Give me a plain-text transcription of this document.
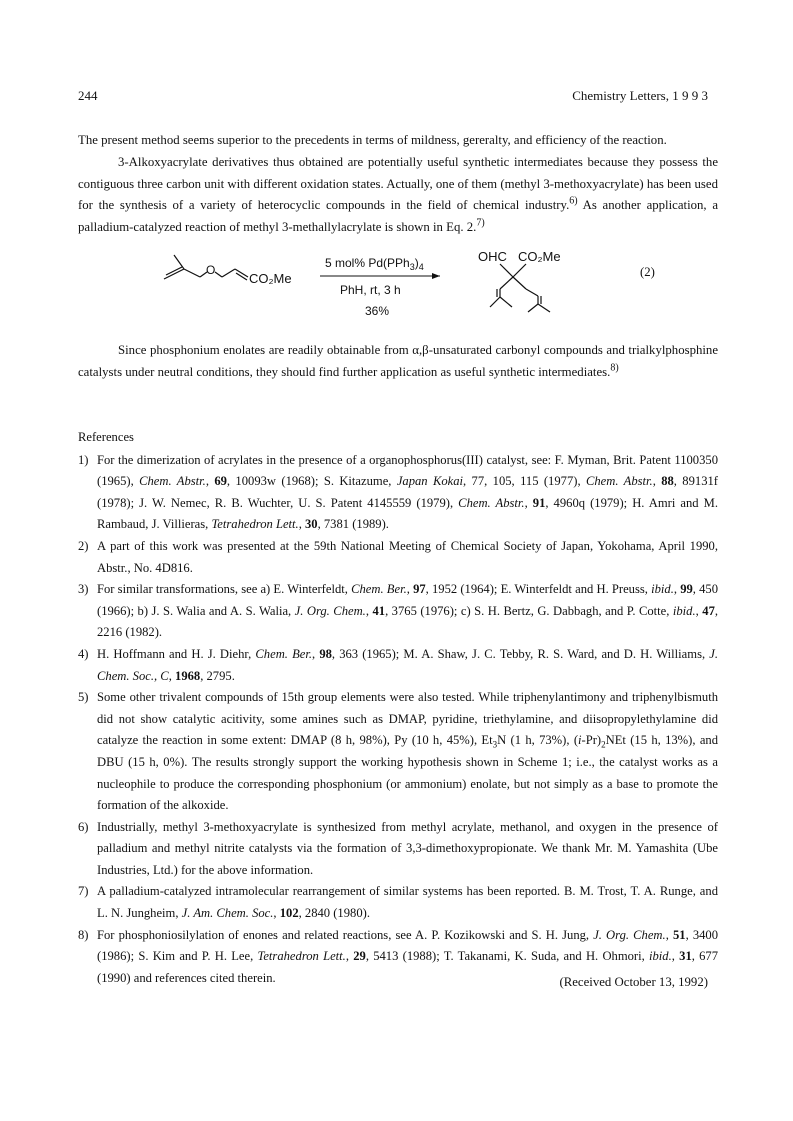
244	Chemistry Letters, 1 9 9 3

The present method seems superior to the precedents in terms of mildness, gereralty, and efficiency of the reaction.

3-Alkoxyacrylate derivatives thus obtained are potentially useful synthetic intermediates because they possess the contiguous three carbon unit with different oxidation states. Actually, one of them (methyl 3-methoxyacrylate) has been used for the synthesis of a variety of heterocyclic compounds in the field of chemical industry.$^{6)}$ As another application, a palladium-catalyzed reaction of methyl 3-methallylacrylate is shown in Eq. 2.$^{7)}$

O
CO₂Me
5 mol% $Pd(PPh_3)_4$
PhH, rt, 3 h
36%
OHC CO₂Me
(2)

Since phosphonium enolates are readily obtainable from α,β-unsaturated carbonyl compounds and trialkylphosphine catalysts under neutral conditions, they should find further application as useful synthetic intermediates.$^{8)}$

References

1) For the dimerization of acrylates in the presence of a organophosphorus(III) catalyst, see: F. Myman, Brit. Patent 1100350 (1965), Chem. Abstr., 69, 10093w (1968); S. Kitazume, Japan Kokai, 77, 105, 115 (1977), Chem. Abstr., 88, 89131f (1978); J. W. Nemec, R. B. Wuchter, U. S. Patent 4145559 (1979), Chem. Abstr., 91, 4960q (1979); H. Amri and M. Rambaud, J. Villieras, Tetrahedron Lett., 30, 7381 (1989).

2) A part of this work was presented at the 59th National Meeting of Chemical Society of Japan, Yokohama, April 1990, Abstr., No. 4D816.

3) For similar transformations, see a) E. Winterfeldt, Chem. Ber., 97, 1952 (1964); E. Winterfeldt and H. Preuss, ibid., 99, 450 (1966); b) J. S. Walia and A. S. Walia, J. Org. Chem., 41, 3765 (1976); c) S. H. Bertz, G. Dabbagh, and P. Cotte, ibid., 47, 2216 (1982).

4) H. Hoffmann and H. J. Diehr, Chem. Ber., 98, 363 (1965); M. A. Shaw, J. C. Tebby, R. S. Ward, and D. H. Williams, J. Chem. Soc., C, 1968, 2795.

5) Some other trivalent compounds of 15th group elements were also tested. While triphenylantimony and triphenylbismuth did not show catalytic acitivity, some amines such as DMAP, pyridine, triethylamine, and diisopropylethylamine did catalyze the reaction in some extent: DMAP (8 h, 98%), Py (10 h, 45%), $Et_3N$ (1 h, 73%), $(i-Pr)_2NEt$ (15 h, 13%), and DBU (15 h, 0%). The results strongly support the working hypothesis shown in Scheme 1; i.e., the catalyst works as a nucleophile to produce the corresponding phosphonium (or ammonium) enolate, but not simply as a base to promote the formation of the alkoxide.

6) Industrially, methyl 3-methoxyacrylate is synthesized from methyl acrylate, methanol, and oxygen in the presence of palladium and methyl nitrite catalysts via the formation of 3,3-dimethoxypropionate. We thank Mr. M. Yamashita (Ube Industries, Ltd.) for the above information.

7) A palladium-catalyzed intramolecular rearrangement of similar systems has been reported. B. M. Trost, T. A. Runge, and L. N. Jungheim, J. Am. Chem. Soc., 102, 2840 (1980).

8) For phosphoniosilylation of enones and related reactions, see A. P. Kozikowski and S. H. Jung, J. Org. Chem., 51, 3400 (1986); S. Kim and P. H. Lee, Tetrahedron Lett., 29, 5413 (1988); T. Takanami, K. Suda, and H. Ohmori, ibid., 31, 677 (1990) and references cited therein.	(Received October 13, 1992)
